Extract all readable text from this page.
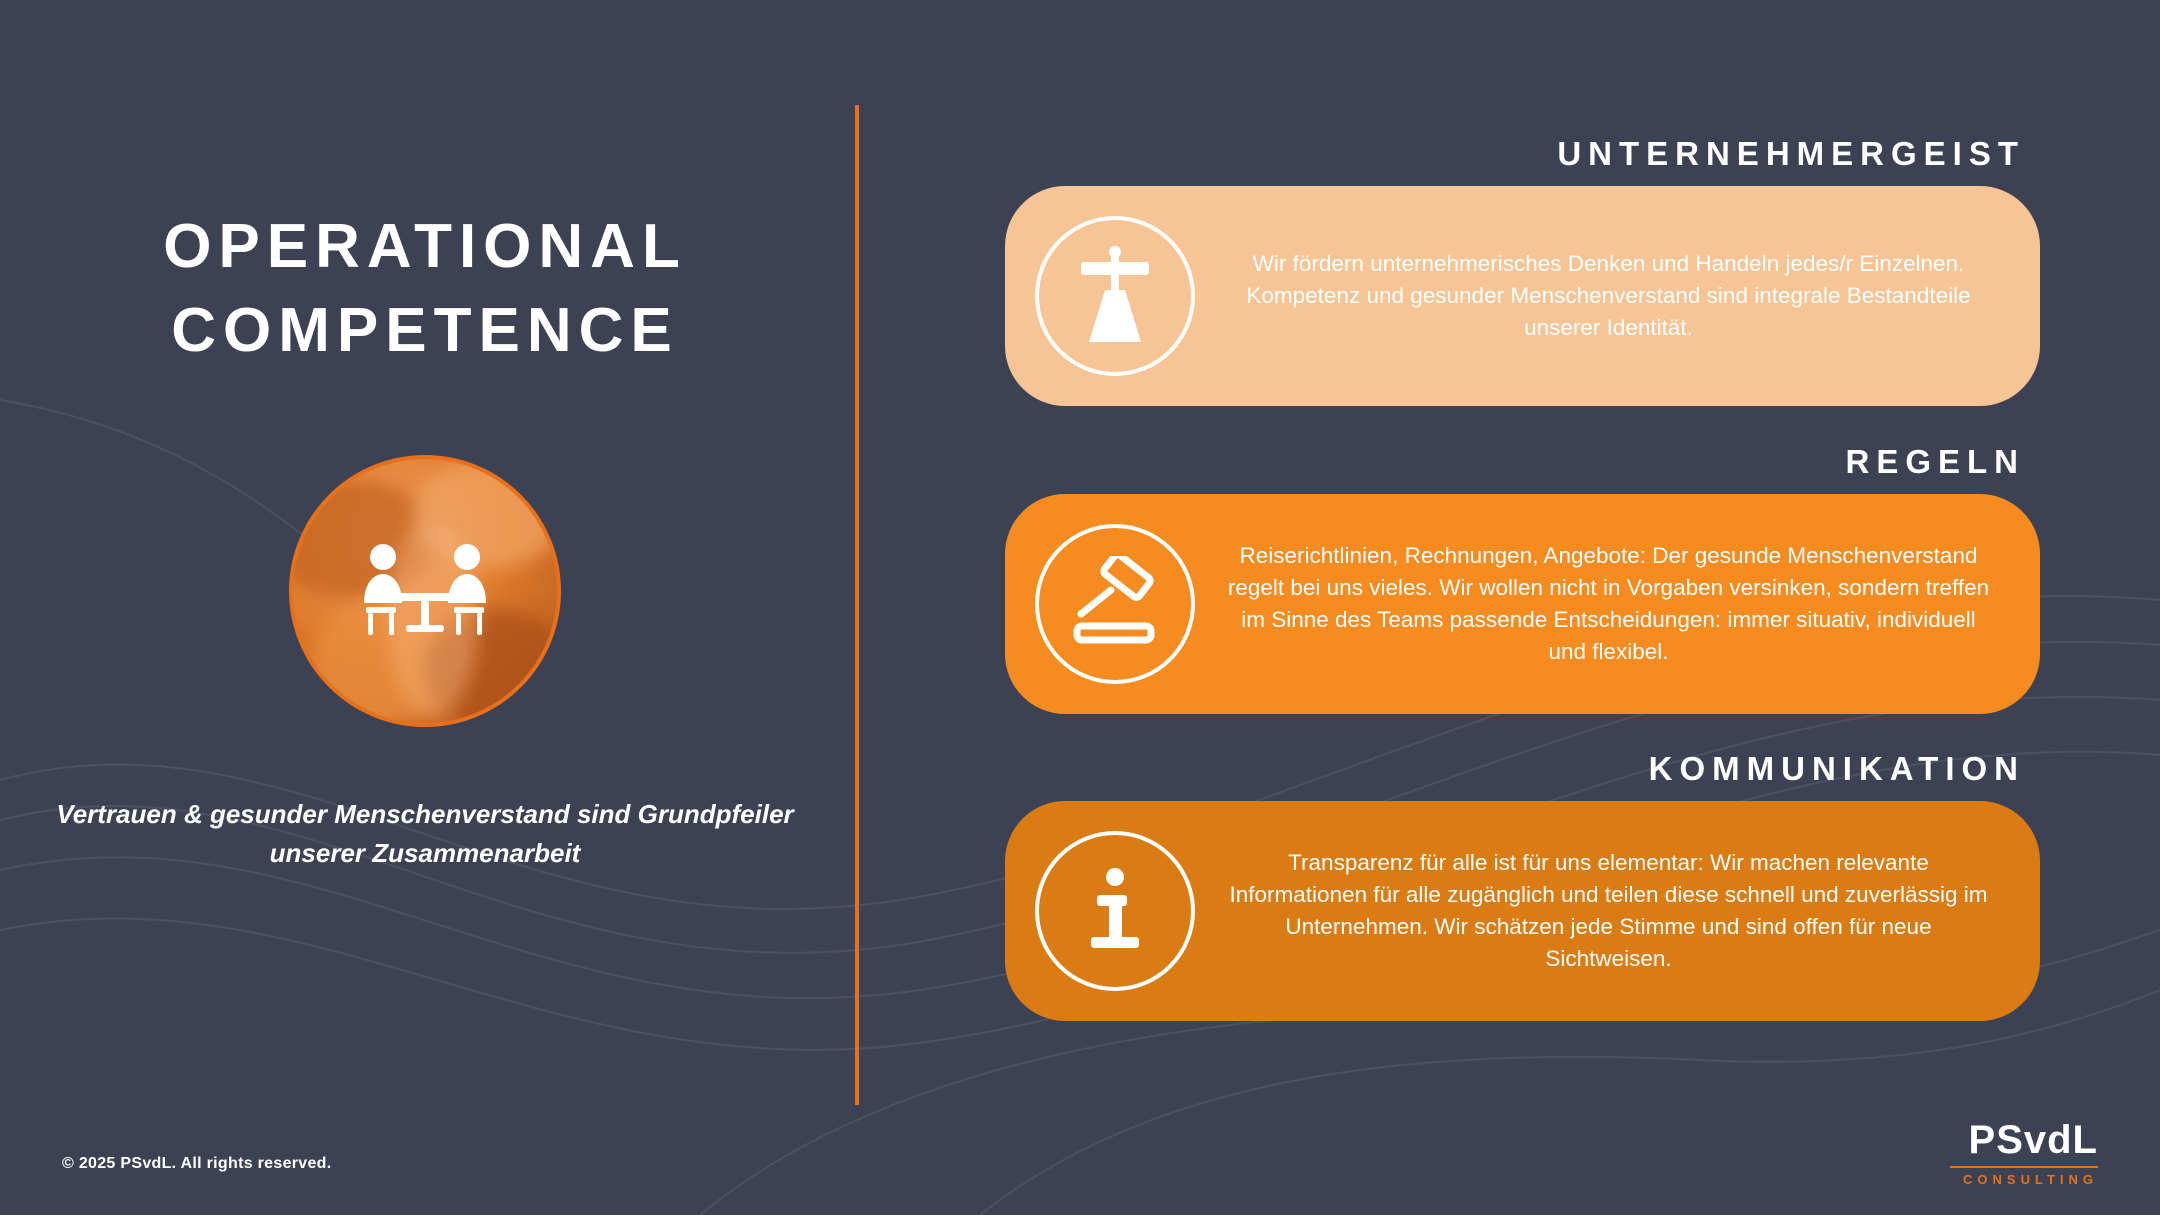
OPERATIONAL COMPETENCE
Vertrauen & gesunder Menschenverstand sind Grundpfeiler unserer Zusammenarbeit
© 2025 PSvdL. All rights reserved.
UNTERNEHMERGEIST
Wir fördern unternehmerisches Denken und Handeln jedes/r Einzelnen. Kompetenz und gesunder Menschenverstand sind integrale Bestandteile unserer Identität.
REGELN
Reiserichtlinien, Rechnungen, Angebote: Der gesunde Menschenverstand regelt bei uns vieles. Wir wollen nicht in Vorgaben versinken, sondern treffen im Sinne des Teams passende Entscheidungen: immer situativ, individuell und flexibel.
KOMMUNIKATION
Transparenz für alle ist für uns elementar: Wir machen relevante Informationen für alle zugänglich und teilen diese schnell und zuverlässig im Unternehmen. Wir schätzen jede Stimme und sind offen für neue Sichtweisen.
PSvdL
CONSULTING
